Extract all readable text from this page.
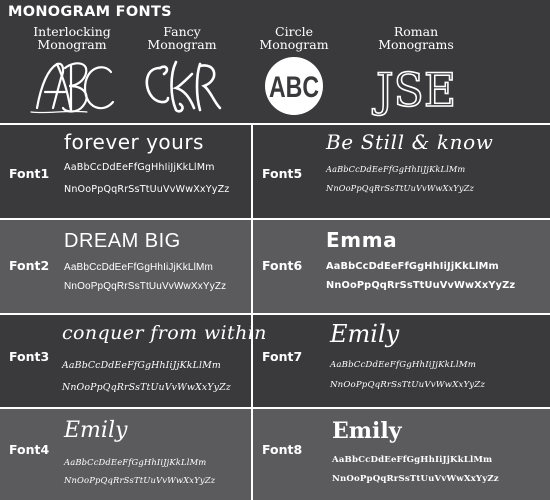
MONOGRAM FONTS
Interlocking
Monogram
Fancy
Monogram
Circle
Monogram
ABC
Roman
Monograms
JSE
Font1
forever yours
AaBbCcDdEeFfGgHhIiJjKkLlMm
NnOoPpQqRrSsTtUuVvWwXxYyZz
Font2
DREAM BIG
AaBbCcDdEeFfGgHhIiJjKkLlMm
NnOoPpQqRrSsTtUuVvWwXxYyZz
Font3
conquer from within
AaBbCcDdEeFfGgHhIiJjKkLlMm
NnOoPpQqRrSsTtUuVvWwXxYyZz
Font4
Emily
AaBbCcDdEeFfGgHhIiJjKkLlMm
NnOoPpQqRrSsTtUuVvWwXxYyZz
Font5
Be Still & know
AaBbCcDdEeFfGgHhIiJjKkLlMm
NnOoPpQqRrSsTtUuVvWwXxYyZz
Font6
Emma
AaBbCcDdEeFfGgHhIiJjKkLlMm
NnOoPpQqRrSsTtUuVvWwXxYyZz
Font7
Emily
AaBbCcDdEeFfGgHhIiJjKkLlMm
NnOoPpQqRrSsTtUuVvWwXxYyZz
Font8
Emily
AaBbCcDdEeFfGgHhIiJjKkLlMm
NnOoPpQqRrSsTtUuVvWwXxYyZz
